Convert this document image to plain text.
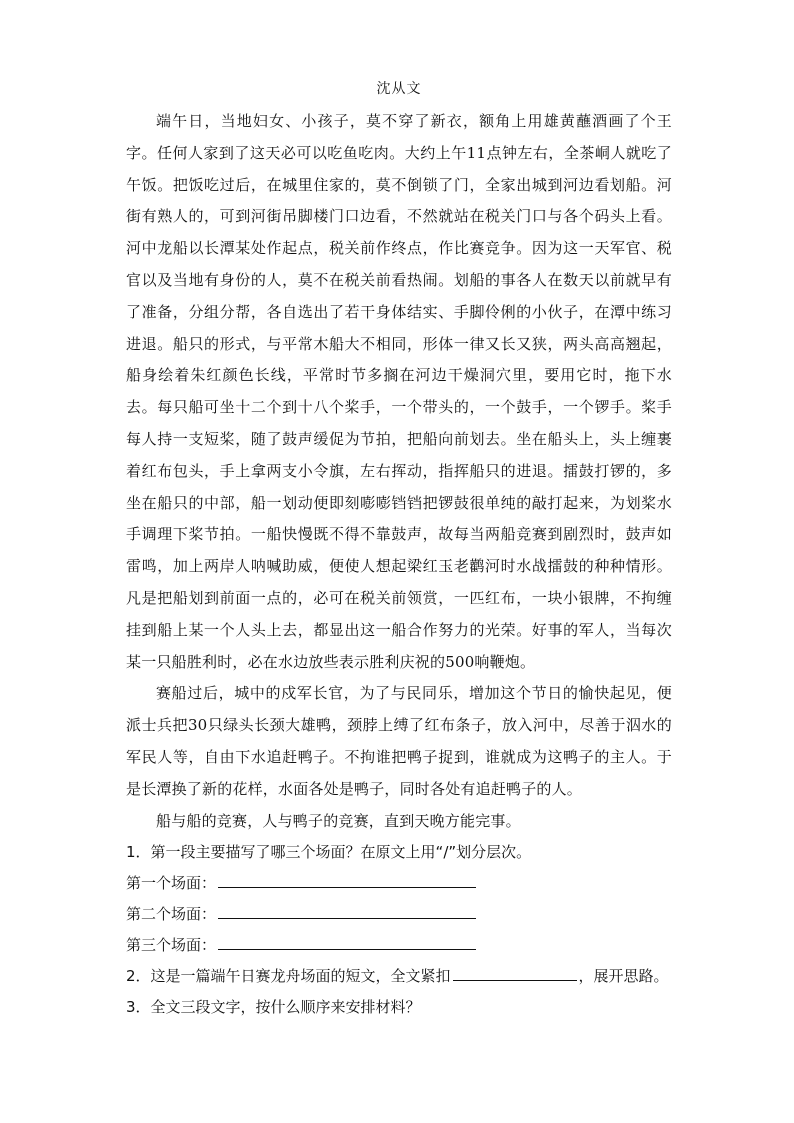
沈从文

端午日，当地妇女、小孩子，莫不穿了新衣，额角上用雄黄蘸酒画了个王字。任何人家到了这天必可以吃鱼吃肉。大约上午11点钟左右，全茶峒人就吃了午饭。把饭吃过后，在城里住家的，莫不倒锁了门，全家出城到河边看划船。河街有熟人的，可到河街吊脚楼门口边看，不然就站在税关门口与各个码头上看。河中龙船以长潭某处作起点，税关前作终点，作比赛竞争。因为这一天军官、税官以及当地有身份的人，莫不在税关前看热闹。划船的事各人在数天以前就早有了准备，分组分帮，各自选出了若干身体结实、手脚伶俐的小伙子，在潭中练习进退。船只的形式，与平常木船大不相同，形体一律又长又狭，两头高高翘起，船身绘着朱红颜色长线，平常时节多搁在河边干燥洞穴里，要用它时，拖下水去。每只船可坐十二个到十八个桨手，一个带头的，一个鼓手，一个锣手。桨手每人持一支短桨，随了鼓声缓促为节拍，把船向前划去。坐在船头上，头上缠裹着红布包头，手上拿两支小令旗，左右挥动，指挥船只的进退。擂鼓打锣的，多坐在船只的中部，船一划动便即刻嘭嘭铛铛把锣鼓很单纯的敲打起来，为划桨水手调理下桨节拍。一船快慢既不得不靠鼓声，故每当两船竞赛到剧烈时，鼓声如雷鸣，加上两岸人呐喊助威，便使人想起梁红玉老鹳河时水战擂鼓的种种情形。凡是把船划到前面一点的，必可在税关前领赏，一匹红布，一块小银牌，不拘缠挂到船上某一个人头上去，都显出这一船合作努力的光荣。好事的军人，当每次某一只船胜利时，必在水边放些表示胜利庆祝的500响鞭炮。

赛船过后，城中的戍军长官，为了与民同乐，增加这个节日的愉快起见，便派士兵把30只绿头长颈大雄鸭，颈脖上缚了红布条子，放入河中，尽善于泅水的军民人等，自由下水追赶鸭子。不拘谁把鸭子捉到，谁就成为这鸭子的主人。于是长潭换了新的花样，水面各处是鸭子，同时各处有追赶鸭子的人。

船与船的竞赛，人与鸭子的竞赛，直到天晚方能完事。

1．第一段主要描写了哪三个场面？在原文上用“/”划分层次。

第一个场面：
第二个场面：
第三个场面：

2．这是一篇端午日赛龙舟场面的短文，全文紧扣	，展开思路。

3．全文三段文字，按什么顺序来安排材料？
